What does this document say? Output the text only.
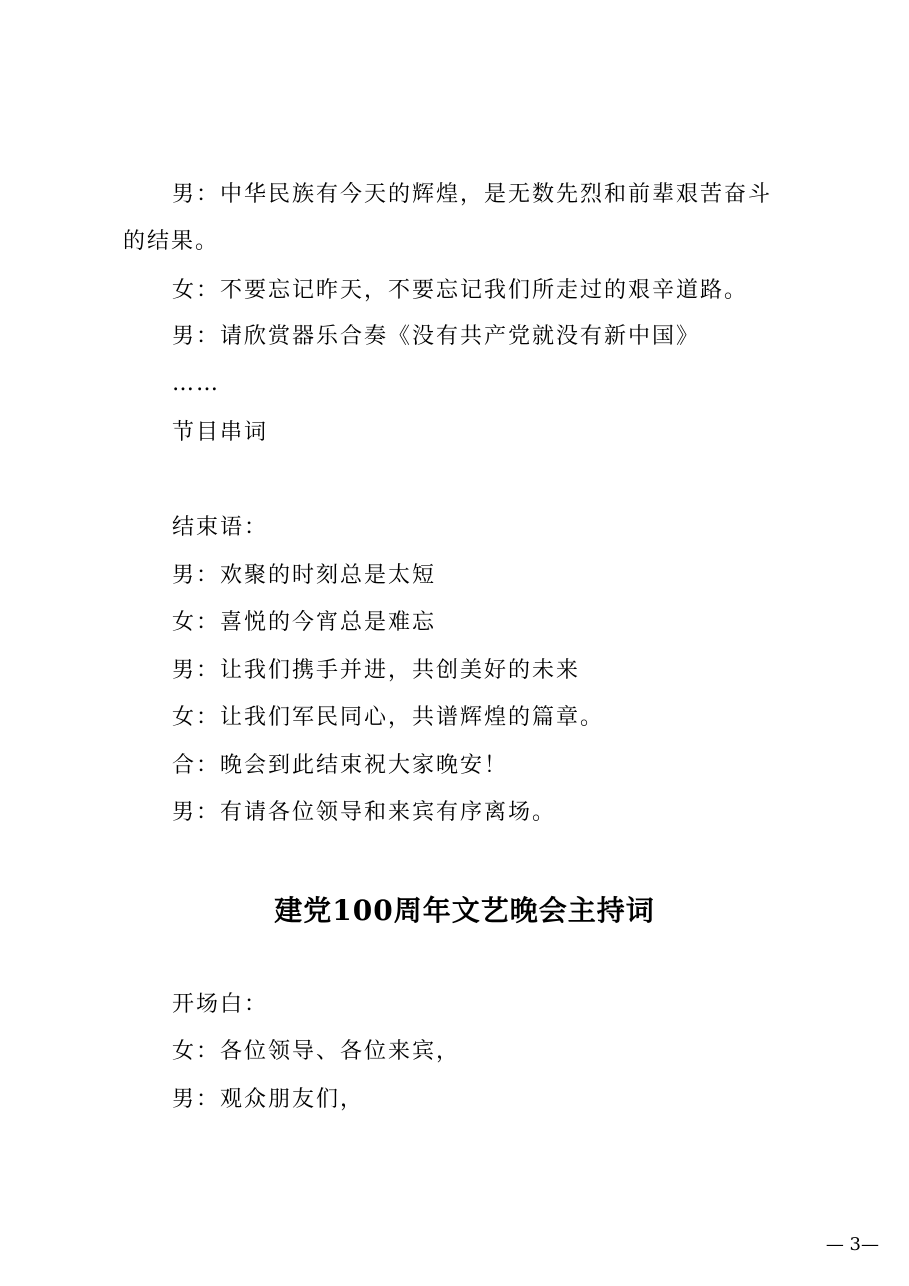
男：中华民族有今天的辉煌，是无数先烈和前辈艰苦奋斗
的结果。
女：不要忘记昨天，不要忘记我们所走过的艰辛道路。
男：请欣赏器乐合奏《没有共产党就没有新中国》
……
节目串词
结束语：
男：欢聚的时刻总是太短
女：喜悦的今宵总是难忘
男：让我们携手并进，共创美好的未来
女：让我们军民同心，共谱辉煌的篇章。
合：晚会到此结束祝大家晚安！
男：有请各位领导和来宾有序离场。
建党100周年文艺晚会主持词
开场白：
女：各位领导、各位来宾，
男：观众朋友们，
— 3—
